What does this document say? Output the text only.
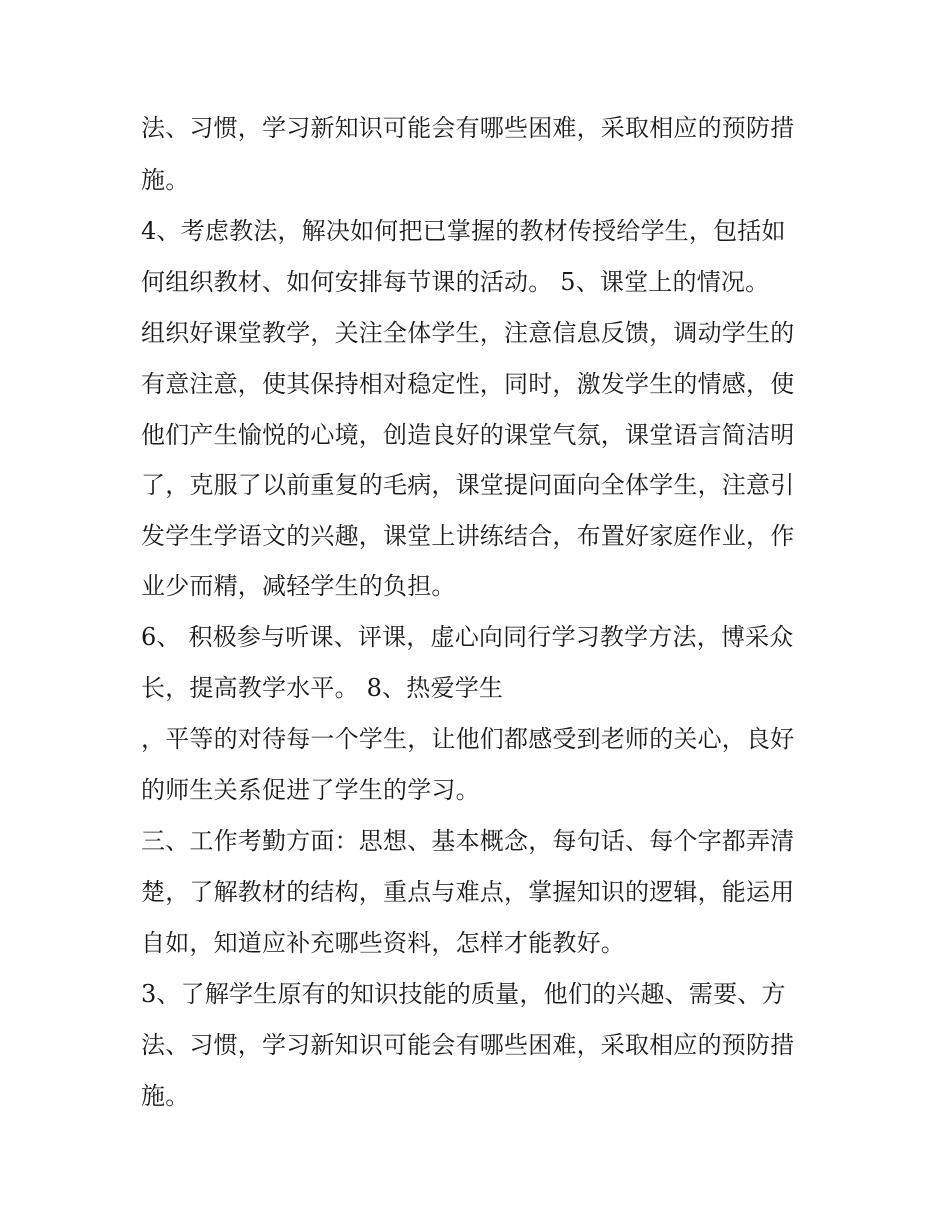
法、习惯，学习新知识可能会有哪些困难，采取相应的预防措
施。
4、考虑教法，解决如何把已掌握的教材传授给学生，包括如
何组织教材、如何安排每节课的活动。 5、课堂上的情况。
组织好课堂教学，关注全体学生，注意信息反馈，调动学生的
有意注意，使其保持相对稳定性，同时，激发学生的情感，使
他们产生愉悦的心境，创造良好的课堂气氛，课堂语言简洁明
了，克服了以前重复的毛病，课堂提问面向全体学生，注意引
发学生学语文的兴趣，课堂上讲练结合，布置好家庭作业，作
业少而精，减轻学生的负担。
6、 积极参与听课、评课，虚心向同行学习教学方法，博采众
长，提高教学水平。 8、热爱学生
，平等的对待每一个学生，让他们都感受到老师的关心，良好
的师生关系促进了学生的学习。
三、工作考勤方面：思想、基本概念，每句话、每个字都弄清
楚，了解教材的结构，重点与难点，掌握知识的逻辑，能运用
自如，知道应补充哪些资料，怎样才能教好。
3、了解学生原有的知识技能的质量，他们的兴趣、需要、方
法、习惯，学习新知识可能会有哪些困难，采取相应的预防措
施。
